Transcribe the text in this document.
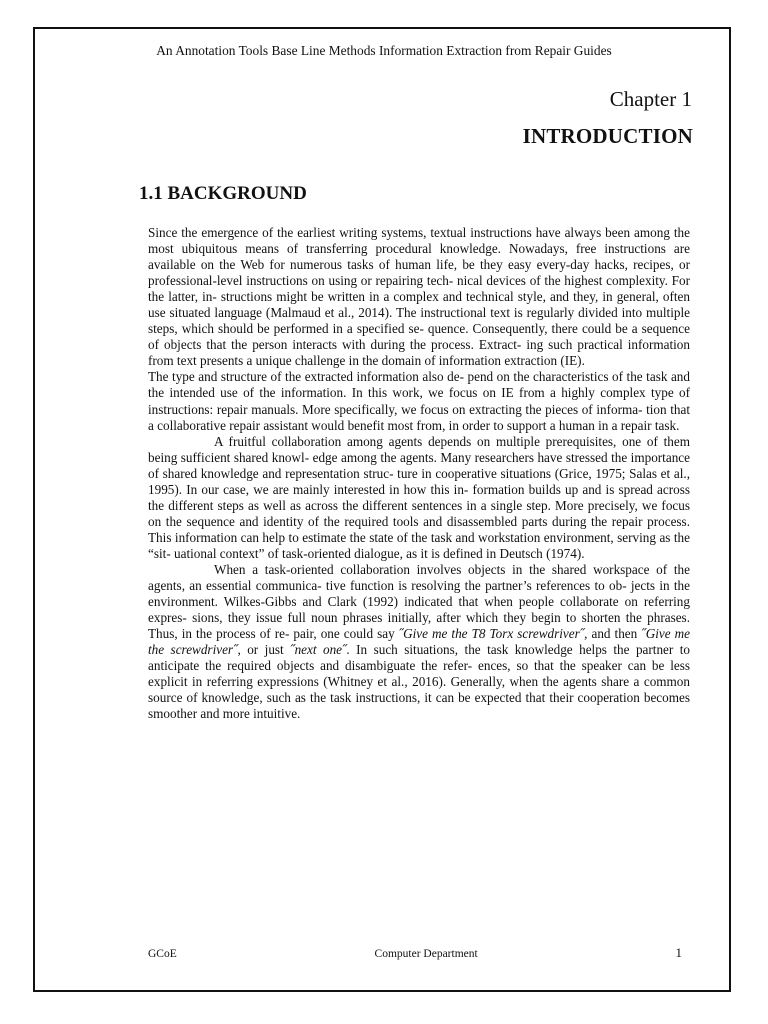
An Annotation Tools Base Line Methods Information Extraction from Repair Guides
Chapter 1
INTRODUCTION
1.1 BACKGROUND

Since the emergence of the earliest writing systems, textual instructions have always been among the most ubiquitous means of transferring procedural knowledge. Nowadays, free instructions are available on the Web for numerous tasks of human life, be they easy every-day hacks, recipes, or professional-level instructions on using or repairing tech- nical devices of the highest complexity. For the latter, in- structions might be written in a complex and technical style, and they, in general, often use situated language (Malmaud et al., 2014). The instructional text is regularly divided into multiple steps, which should be performed in a specified se- quence. Consequently, there could be a sequence of objects that the person interacts with during the process. Extract- ing such practical information from text presents a unique challenge in the domain of information extraction (IE).

The type and structure of the extracted information also de- pend on the characteristics of the task and the intended use of the information. In this work, we focus on IE from a highly complex type of instructions: repair manuals. More specifically, we focus on extracting the pieces of informa- tion that a collaborative repair assistant would benefit most from, in order to support a human in a repair task.

A fruitful collaboration among agents depends on multiple prerequisites, one of them being sufficient shared knowl- edge among the agents. Many researchers have stressed the importance of shared knowledge and representation struc- ture in cooperative situations (Grice, 1975; Salas et al., 1995). In our case, we are mainly interested in how this in- formation builds up and is spread across the different steps as well as across the different sentences in a single step. More precisely, we focus on the sequence and identity of the required tools and disassembled parts during the repair process. This information can help to estimate the state of the task and workstation environment, serving as the “sit- uational context” of task-oriented dialogue, as it is defined in Deutsch (1974).

When a task-oriented collaboration involves objects in the shared workspace of the agents, an essential communica- tive function is resolving the partner’s references to ob- jects in the environment. Wilkes-Gibbs and Clark (1992) indicated that when people collaborate on referring expres- sions, they issue full noun phrases initially, after which they begin to shorten the phrases. Thus, in the process of re- pair, one could say ˝Give me the T8 Torx screwdriver˝, and then ˝Give me the screwdriver˝, or just ˝next one˝. In such situations, the task knowledge helps the partner to anticipate the required objects and disambiguate the refer- ences, so that the speaker can be less explicit in referring expressions (Whitney et al., 2016). Generally, when the agents share a common source of knowledge, such as the task instructions, it can be expected that their cooperation becomes smoother and more intuitive.

GCoE	Computer Department	1
